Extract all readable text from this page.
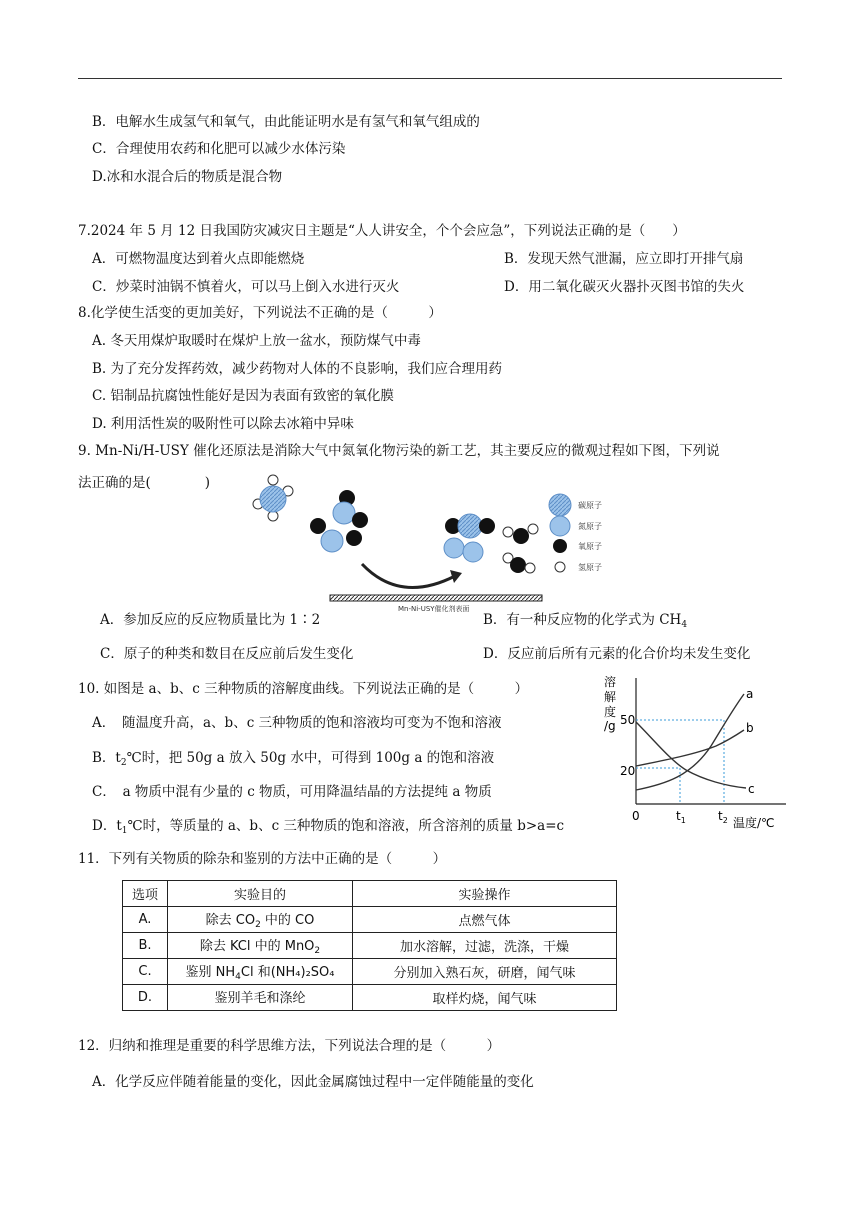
B．电解水生成氢气和氧气，由此能证明水是有氢气和氧气组成的
C．合理使用农药和化肥可以减少水体污染
D.冰和水混合后的物质是混合物
7.2024 年 5 月 12 日我国防灾减灾日主题是“人人讲安全，个个会应急”，下列说法正确的是（　　）
A．可燃物温度达到着火点即能燃烧	B．发现天然气泄漏，应立即打开排气扇
C．炒菜时油锅不慎着火，可以马上倒入水进行灭火	D．用二氧化碳灭火器扑灭图书馆的失火
8.化学使生活变的更加美好，下列说法不正确的是（　　　）
A. 冬天用煤炉取暖时在煤炉上放一盆水，预防煤气中毒
B. 为了充分发挥药效，减少药物对人体的不良影响，我们应合理用药
C. 铝制品抗腐蚀性能好是因为表面有致密的氧化膜
D. 利用活性炭的吸附性可以除去冰箱中异味
9. Mn-Ni/H-USY 催化还原法是消除大气中氮氧化物污染的新工艺，其主要反应的微观过程如下图，下列说
法正确的是(　　　　)
Mn-Ni-USY催化剂表面
碳原子
氮原子
氧原子
氢原子
A．参加反应的反应物质量比为 1∶2	B．有一种反应物的化学式为 $CH_4$
C．原子的种类和数目在反应前后发生变化	D．反应前后所有元素的化合价均未发生变化
10. 如图是 a、b、c 三种物质的溶解度曲线。下列说法正确的是（　　　）
A．　随温度升高，a、b、c 三种物质的饱和溶液均可变为不饱和溶液
B．$t_2℃$时，把 50g a 放入 50g 水中，可得到 100g a 的饱和溶液
C．　a 物质中混有少量的 c 物质，可用降温结晶的方法提纯 a 物质
D．$t_1℃$时，等质量的 a、b、c 三种物质的饱和溶液，所含溶剂的质量 b>a=c
溶
解
度
/g 50
20
0	$t_1$	$t_2$ 温度/℃
a
b
c
11．下列有关物质的除杂和鉴别的方法中正确的是（　　　）
选项	实验目的	实验操作
A.	除去 $CO_2$ 中的 CO	点燃气体
B.	除去 KCl 中的 MnO$_2$	加水溶解，过滤，洗涤，干燥
C.	鉴别 $NH_4Cl$ 和(NH₄)₂SO₄	分别加入熟石灰，研磨，闻气味
D.	鉴别羊毛和涤纶	取样灼烧，闻气味
12．归纳和推理是重要的科学思维方法，下列说法合理的是（　　　）
A．化学反应伴随着能量的变化，因此金属腐蚀过程中一定伴随能量的变化
